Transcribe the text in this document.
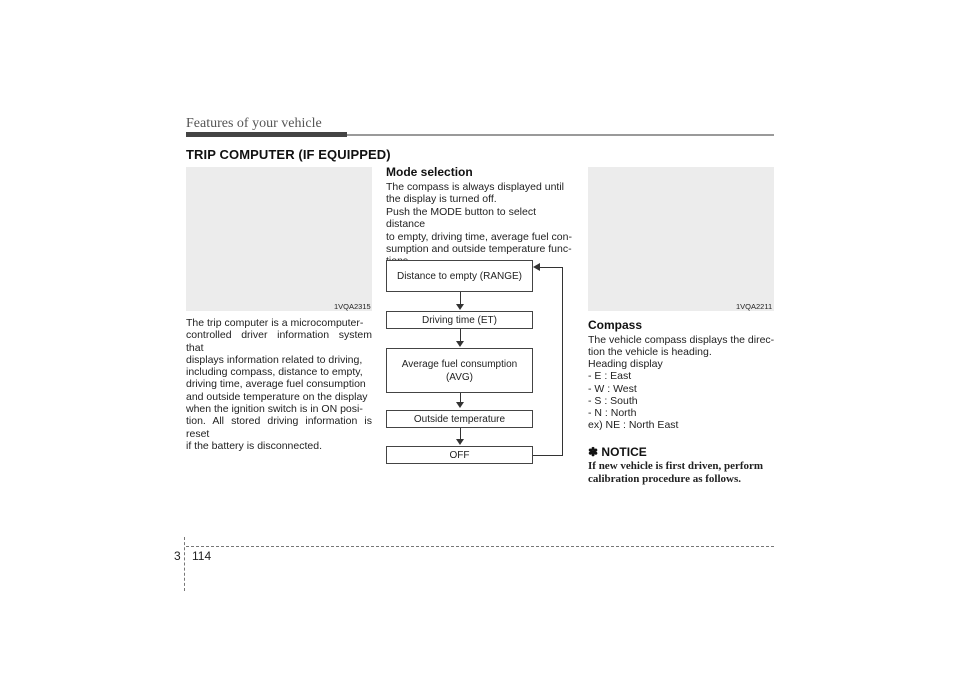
Features of your vehicle
TRIP COMPUTER (IF EQUIPPED)
1VQA2315
The trip computer is a microcomputer-
controlled driver information system that
displays information related to driving,
including compass, distance to empty,
driving time, average fuel consumption
and outside temperature on the display
when the ignition switch is in ON posi-
tion. All stored driving information is reset
if the battery is disconnected.
Mode selection
The compass is always displayed until
the display is turned off.
Push the MODE button to select distance
to empty, driving time, average fuel con-
sumption and outside temperature func-
Distance to empty (RANGE)
Driving time (ET)
Average fuel consumption
(AVG)
Outside temperature
OFF
1VQA2211
Compass
The vehicle compass displays the direc-
tion the vehicle is heading.
Heading display
- E : East
- W : West
- S : South
- N : North
ex) NE : North East
✽ NOTICE
If new vehicle is first driven, perform
calibration procedure as follows.
3 114
